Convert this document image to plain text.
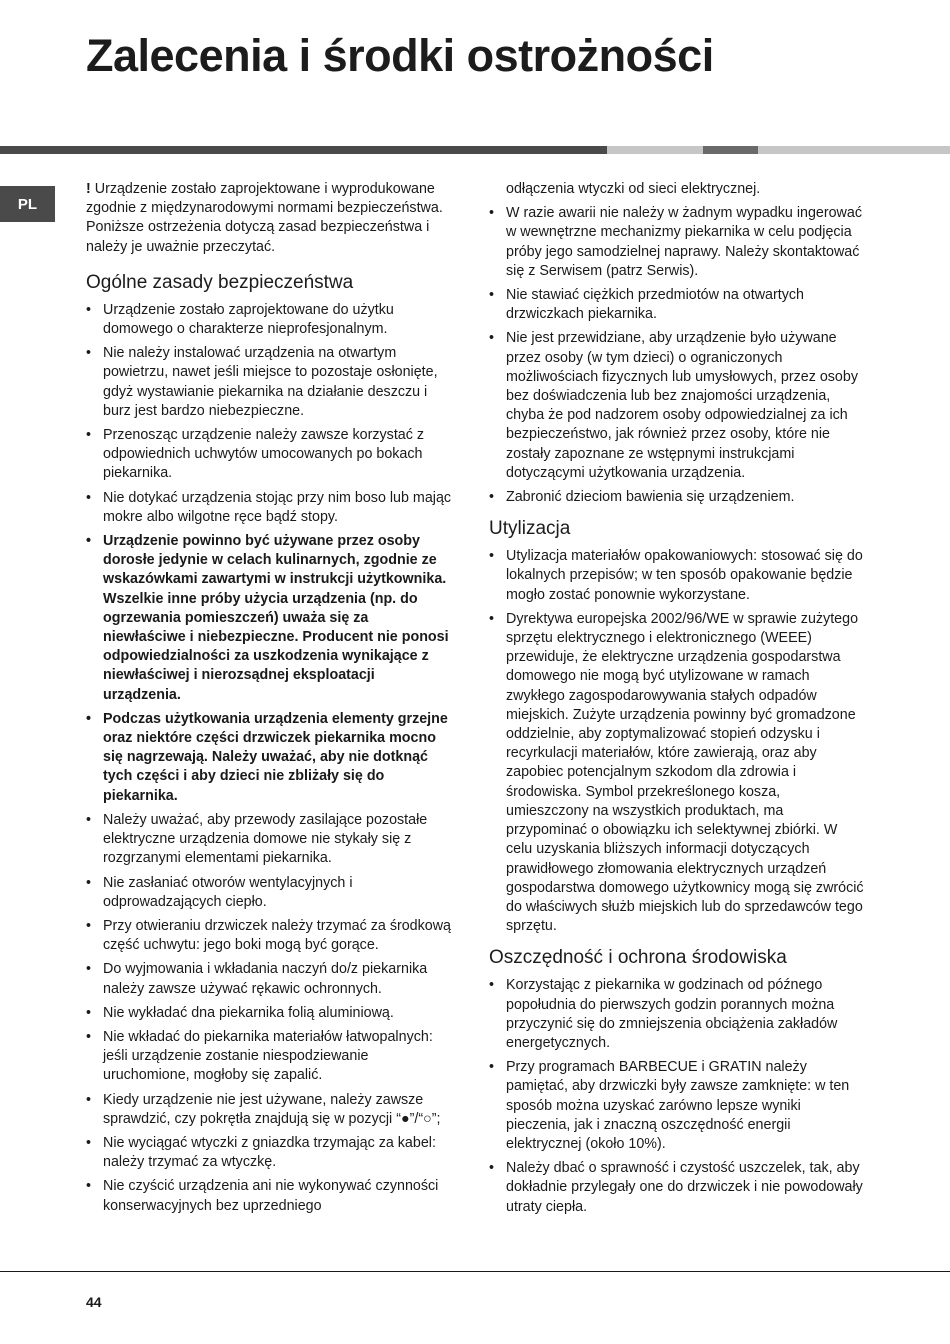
Zalecenia i środki ostrożności
PL

! Urządzenie zostało zaprojektowane i wyprodukowane zgodnie z międzynarodowymi normami bezpieczeństwa. Poniższe ostrzeżenia dotyczą zasad bezpieczeństwa i należy je uważnie przeczytać.

Ogólne zasady bezpieczeństwa
• Urządzenie zostało zaprojektowane do użytku domowego o charakterze nieprofesjonalnym.
• Nie należy instalować urządzenia na otwartym powietrzu, nawet jeśli miejsce to pozostaje osłonięte, gdyż wystawianie piekarnika na działanie deszczu i burz jest bardzo niebezpieczne.
• Przenosząc urządzenie należy zawsze korzystać z odpowiednich uchwytów umocowanych po bokach piekarnika.
• Nie dotykać urządzenia stojąc przy nim boso lub mając mokre albo wilgotne ręce bądź stopy.
• Urządzenie powinno być używane przez osoby dorosłe jedynie w celach kulinarnych, zgodnie ze wskazówkami zawartymi w instrukcji użytkownika. Wszelkie inne próby użycia urządzenia (np. do ogrzewania pomieszczeń) uważa się za niewłaściwe i niebezpieczne. Producent nie ponosi odpowiedzialności za uszkodzenia wynikające z niewłaściwej i nierozsądnej eksploatacji urządzenia.
• Podczas użytkowania urządzenia elementy grzejne oraz niektóre części drzwiczek piekarnika mocno się nagrzewają. Należy uważać, aby nie dotknąć tych części i aby dzieci nie zbliżały się do piekarnika.
• Należy uważać, aby przewody zasilające pozostałe elektryczne urządzenia domowe nie stykały się z rozgrzanymi elementami piekarnika.
• Nie zasłaniać otworów wentylacyjnych i odprowadzających ciepło.
• Przy otwieraniu drzwiczek należy trzymać za środkową część uchwytu: jego boki mogą być gorące.
• Do wyjmowania i wkładania naczyń do/z piekarnika należy zawsze używać rękawic ochronnych.
• Nie wykładać dna piekarnika folią aluminiową.
• Nie wkładać do piekarnika materiałów łatwopalnych: jeśli urządzenie zostanie niespodziewanie uruchomione, mogłoby się zapalić.
• Kiedy urządzenie nie jest używane, należy zawsze sprawdzić, czy pokrętła znajdują się w pozycji “●”/“○”;
• Nie wyciągać wtyczki z gniazdka trzymając za kabel: należy trzymać za wtyczkę.
• Nie czyścić urządzenia ani nie wykonywać czynności konserwacyjnych bez uprzedniego
odłączenia wtyczki od sieci elektrycznej.
• W razie awarii nie należy w żadnym wypadku ingerować w wewnętrzne mechanizmy piekarnika w celu podjęcia próby jego samodzielnej naprawy. Należy skontaktować się z Serwisem (patrz Serwis).
• Nie stawiać ciężkich przedmiotów na otwartych drzwiczkach piekarnika.
• Nie jest przewidziane, aby urządzenie było używane przez osoby (w tym dzieci) o ograniczonych możliwościach fizycznych lub umysłowych, przez osoby bez doświadczenia lub bez znajomości urządzenia, chyba że pod nadzorem osoby odpowiedzialnej za ich bezpieczeństwo, jak również przez osoby, które nie zostały zapoznane ze wstępnymi instrukcjami dotyczącymi użytkowania urządzenia.
• Zabronić dzieciom bawienia się urządzeniem.
Utylizacja
• Utylizacja materiałów opakowaniowych: stosować się do lokalnych przepisów; w ten sposób opakowanie będzie mogło zostać ponownie wykorzystane.
• Dyrektywa europejska 2002/96/WE w sprawie zużytego sprzętu elektrycznego i elektronicznego (WEEE) przewiduje, że elektryczne urządzenia gospodarstwa domowego nie mogą być utylizowane w ramach zwykłego zagospodarowywania stałych odpadów miejskich. Zużyte urządzenia powinny być gromadzone oddzielnie, aby zoptymalizować stopień odzysku i recyrkulacji materiałów, które zawierają, oraz aby zapobiec potencjalnym szkodom dla zdrowia i środowiska. Symbol przekreślonego kosza, umieszczony na wszystkich produktach, ma przypominać o obowiązku ich selektywnej zbiórki. W celu uzyskania bliższych informacji dotyczących prawidłowego złomowania elektrycznych urządzeń gospodarstwa domowego użytkownicy mogą się zwrócić do właściwych służb miejskich lub do sprzedawców tego sprzętu.
Oszczędność i ochrona środowiska
• Korzystając z piekarnika w godzinach od późnego popołudnia do pierwszych godzin porannych można przyczynić się do zmniejszenia obciążenia zakładów energetycznych.
• Przy programach BARBECUE i GRATIN należy pamiętać, aby drzwiczki były zawsze zamknięte: w ten sposób można uzyskać zarówno lepsze wyniki pieczenia, jak i znaczną oszczędność energii elektrycznej (około 10%).
• Należy dbać o sprawność i czystość uszczelek, tak, aby dokładnie przylegały one do drzwiczek i nie powodowały utraty ciepła.
44
